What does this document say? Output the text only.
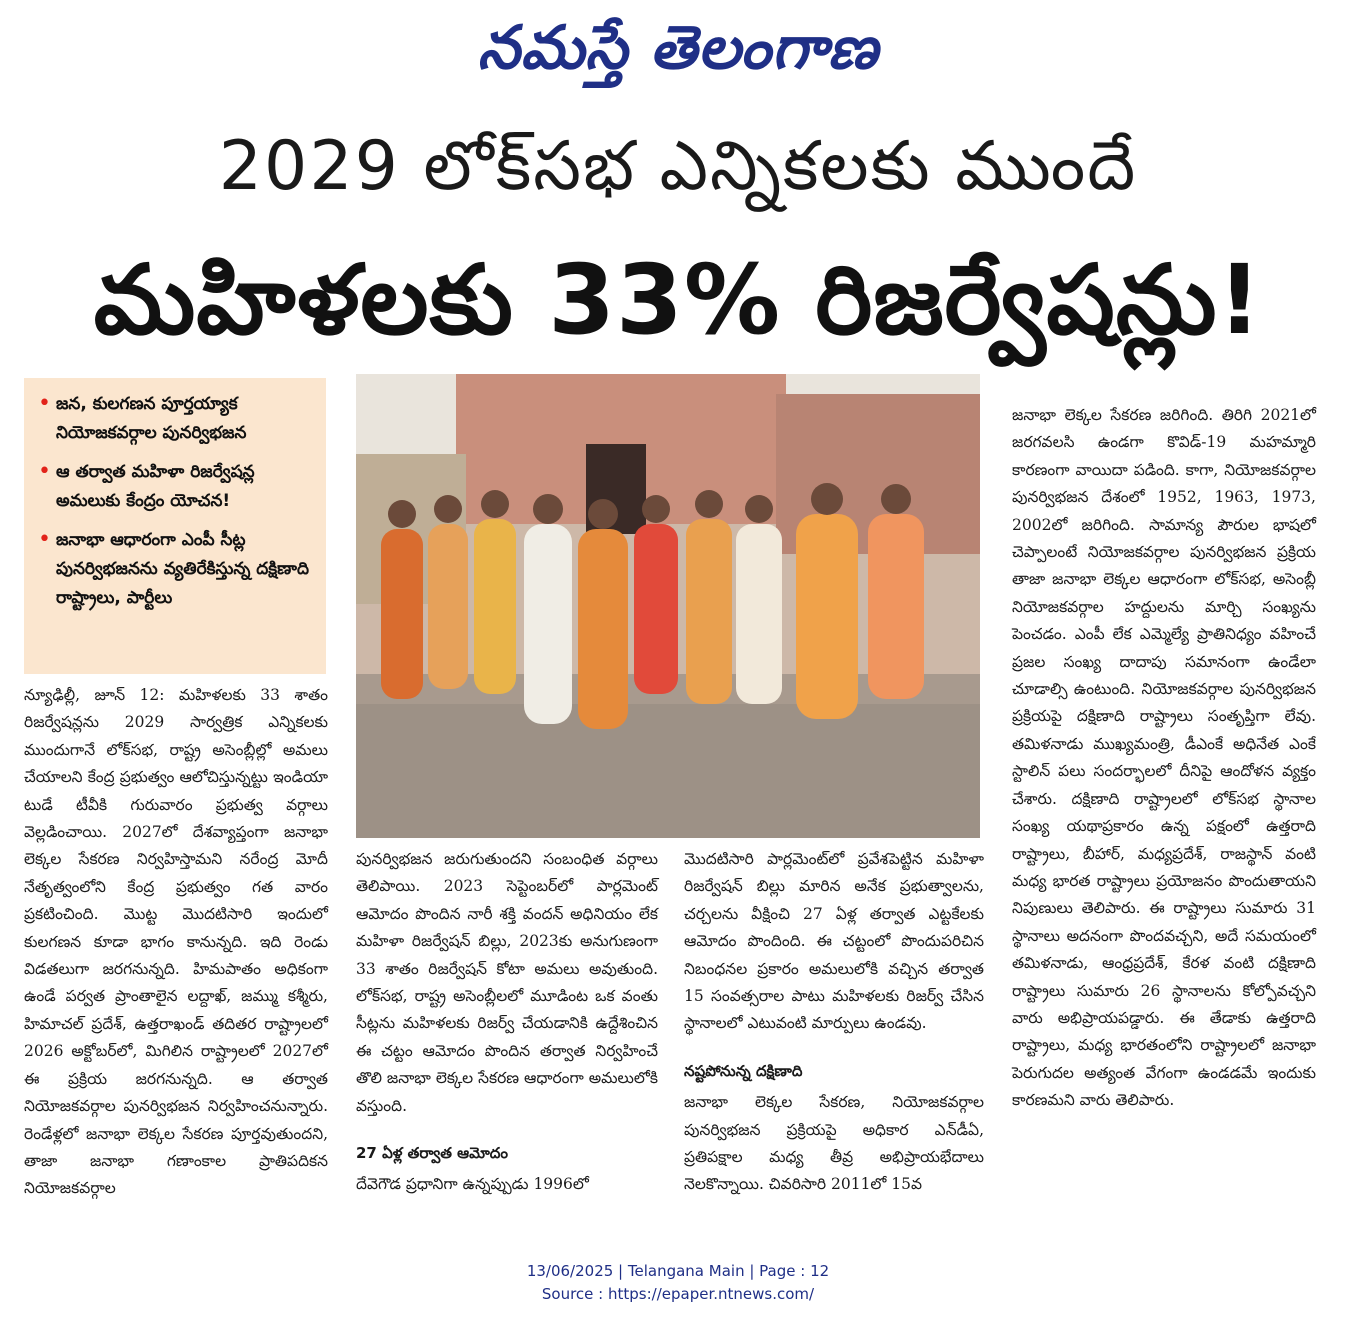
నమస్తే తెలంగాణ
2029 లోక్‌సభ ఎన్నికలకు ముందే
మహిళలకు 33% రిజర్వేషన్లు!
• జన, కులగణన పూర్తయ్యాక నియోజకవర్గాల పునర్విభజన
• ఆ తర్వాత మహిళా రిజర్వేషన్ల అమలుకు కేంద్రం యోచన!
• జనాభా ఆధారంగా ఎంపీ సీట్ల పునర్విభజనను వ్యతిరేకిస్తున్న దక్షిణాది రాష్ట్రాలు, పార్టీలు

న్యూఢిల్లీ, జూన్ 12: మహిళలకు 33 శాతం రిజర్వేషన్లను 2029 సార్వత్రిక ఎన్నికలకు ముందుగానే లోక్‌సభ, రాష్ట్ర అసెంబ్లీల్లో అమలు చేయాలని కేంద్ర ప్రభుత్వం ఆలోచిస్తున్నట్టు ఇండియా టుడే టీవీకి గురువారం ప్రభుత్వ వర్గాలు వెల్లడించాయి. 2027లో దేశవ్యాప్తంగా జనాభా లెక్కల సేకరణ నిర్వహిస్తామని నరేంద్ర మోదీ నేతృత్వంలోని కేంద్ర ప్రభుత్వం గత వారం ప్రకటించింది. మొట్ట మొదటిసారి ఇందులో కులగణన కూడా భాగం కానున్నది. ఇది రెండు విడతలుగా జరగనున్నది. హిమపాతం అధికంగా ఉండే పర్వత ప్రాంతాలైన లద్దాఖ్, జమ్ము కశ్మీరు, హిమాచల్ ప్రదేశ్, ఉత్తరాఖండ్ తదితర రాష్ట్రాలలో 2026 అక్టోబర్‌లో, మిగిలిన రాష్ట్రాలలో 2027లో ఈ ప్రక్రియ జరగనున్నది. ఆ తర్వాత నియోజకవర్గాల పునర్విభజన నిర్వహించనున్నారు. రెండేళ్లలో జనాభా లెక్కల సేకరణ పూర్తవుతుందని, తాజా జనాభా గణాంకాల ప్రాతిపదికన నియోజకవర్గాల

పునర్విభజన జరుగుతుందని సంబంధిత వర్గాలు తెలిపాయి. 2023 సెప్టెంబర్‌లో పార్లమెంట్ ఆమోదం పొందిన నారీ శక్తి వందన్ అధినియం లేక మహిళా రిజర్వేషన్ బిల్లు, 2023కు అనుగుణంగా 33 శాతం రిజర్వేషన్ కోటా అమలు అవుతుంది. లోక్‌సభ, రాష్ట్ర అసెంబ్లీలలో మూడింట ఒక వంతు సీట్లను మహిళలకు రిజర్వ్ చేయడానికి ఉద్దేశించిన ఈ చట్టం ఆమోదం పొందిన తర్వాత నిర్వహించే తొలి జనాభా లెక్కల సేకరణ ఆధారంగా అమలులోకి వస్తుంది.

27 ఏళ్ల తర్వాత ఆమోదం

దేవెగౌడ ప్రధానిగా ఉన్నప్పుడు 1996లో

మొదటిసారి పార్లమెంట్‌లో ప్రవేశపెట్టిన మహిళా రిజర్వేషన్ బిల్లు మారిన అనేక ప్రభుత్వాలను, చర్చలను వీక్షించి 27 ఏళ్ల తర్వాత ఎట్టకేలకు ఆమోదం పొందింది. ఈ చట్టంలో పొందుపరిచిన నిబంధనల ప్రకారం అమలులోకి వచ్చిన తర్వాత 15 సంవత్సరాల పాటు మహిళలకు రిజర్వ్ చేసిన స్థానాలలో ఎటువంటి మార్పులు ఉండవు.

నష్టపోనున్న దక్షిణాది

జనాభా లెక్కల సేకరణ, నియోజకవర్గాల పునర్విభజన ప్రక్రియపై అధికార ఎన్‌డీఏ, ప్రతిపక్షాల మధ్య తీవ్ర అభిప్రాయభేదాలు నెలకొన్నాయి. చివరిసారి 2011లో 15వ

జనాభా లెక్కల సేకరణ జరిగింది. తిరిగి 2021లో జరగవలసి ఉండగా కొవిడ్-19 మహమ్మారి కారణంగా వాయిదా పడింది. కాగా, నియోజకవర్గాల పునర్విభజన దేశంలో 1952, 1963, 1973, 2002లో జరిగింది. సామాన్య పౌరుల భాషలో చెప్పాలంటే నియోజకవర్గాల పునర్విభజన ప్రక్రియ తాజా జనాభా లెక్కల ఆధారంగా లోక్‌సభ, అసెంబ్లీ నియోజకవర్గాల హద్దులను మార్చి సంఖ్యను పెంచడం. ఎంపీ లేక ఎమ్మెల్యే ప్రాతినిధ్యం వహించే ప్రజల సంఖ్య దాదాపు సమానంగా ఉండేలా చూడాల్సి ఉంటుంది. నియోజకవర్గాల పునర్విభజన ప్రక్రియపై దక్షిణాది రాష్ట్రాలు సంతృప్తిగా లేవు. తమిళనాడు ముఖ్యమంత్రి, డీఎంకే అధినేత ఎంకే స్టాలిన్ పలు సందర్భాలలో దీనిపై ఆందోళన వ్యక్తం చేశారు. దక్షిణాది రాష్ట్రాలలో లోక్‌సభ స్థానాల సంఖ్య యథాప్రకారం ఉన్న పక్షంలో ఉత్తరాది రాష్ట్రాలు, బీహార్, మధ్యప్రదేశ్, రాజస్థాన్ వంటి మధ్య భారత రాష్ట్రాలు ప్రయోజనం పొందుతాయని నిపుణులు తెలిపారు. ఈ రాష్ట్రాలు సుమారు 31 స్థానాలు అదనంగా పొందవచ్చని, అదే సమయంలో తమిళనాడు, ఆంధ్రప్రదేశ్, కేరళ వంటి దక్షిణాది రాష్ట్రాలు సుమారు 26 స్థానాలను కోల్పోవచ్చని వారు అభిప్రాయపడ్డారు. ఈ తేడాకు ఉత్తరాది రాష్ట్రాలు, మధ్య భారతంలోని రాష్ట్రాలలో జనాభా పెరుగుదల అత్యంత వేగంగా ఉండడమే ఇందుకు కారణమని వారు తెలిపారు.

13/06/2025 | Telangana Main | Page : 12
Source : https://epaper.ntnews.com/
